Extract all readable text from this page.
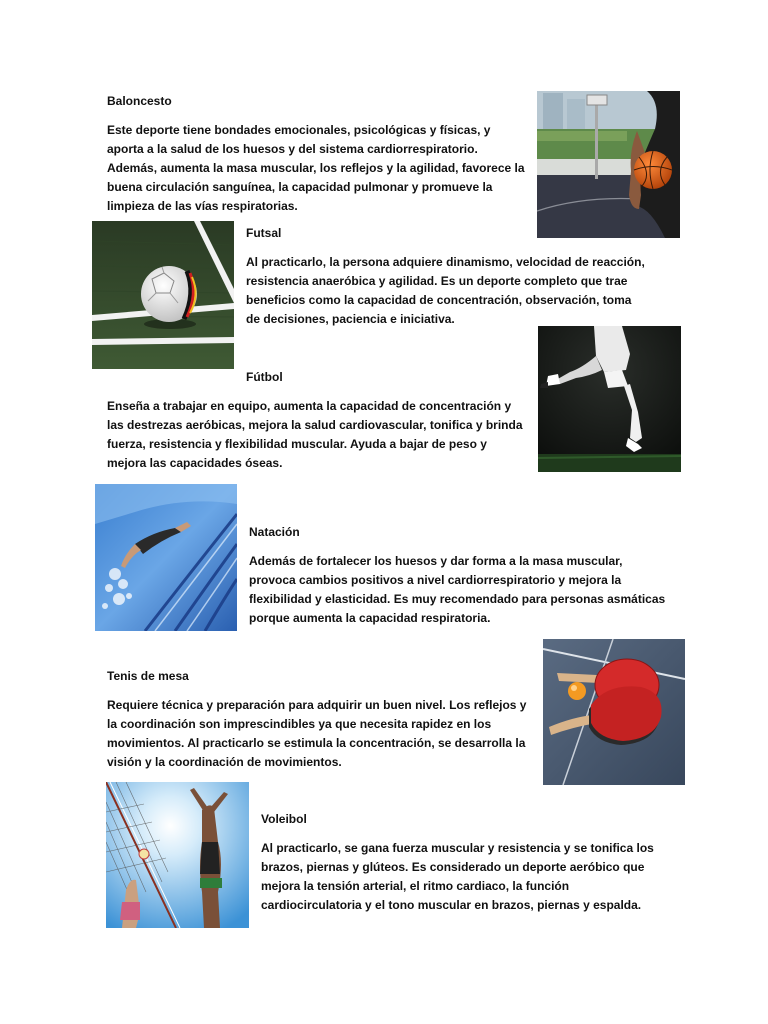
Baloncesto

Este deporte tiene bondades emocionales, psicológicas y físicas, y aporta a la salud de los huesos y del sistema cardiorrespiratorio. Además, aumenta la masa muscular, los reflejos y la agilidad, favorece la buena circulación sanguínea, la capacidad pulmonar y promueve la limpieza de las vías respiratorias.

Futsal

Al practicarlo, la persona adquiere dinamismo, velocidad de reacción, resistencia anaeróbica y agilidad. Es un deporte completo que trae beneficios como la capacidad de concentración, observación, toma de decisiones, paciencia e iniciativa.

Fútbol

Enseña a trabajar en equipo, aumenta la capacidad de concentración y las destrezas aeróbicas, mejora la salud cardiovascular, tonifica y brinda fuerza, resistencia y flexibilidad muscular. Ayuda a bajar de peso y mejora las capacidades óseas.

Natación

Además de fortalecer los huesos y dar forma a la masa muscular, provoca cambios positivos a nivel cardiorrespiratorio y mejora la flexibilidad y elasticidad. Es muy recomendado para personas asmáticas porque aumenta la capacidad respiratoria.

Tenis de mesa

Requiere técnica y preparación para adquirir un buen nivel. Los reflejos y la coordinación son imprescindibles ya que necesita rapidez en los movimientos. Al practicarlo se estimula la concentración, se desarrolla la visión y la coordinación de movimientos.

Voleibol

Al practicarlo, se gana fuerza muscular y resistencia y se tonifica los brazos, piernas y glúteos. Es considerado un deporte aeróbico que mejora la tensión arterial, el ritmo cardiaco, la función cardiocirculatoria y el tono muscular en brazos, piernas y espalda.
